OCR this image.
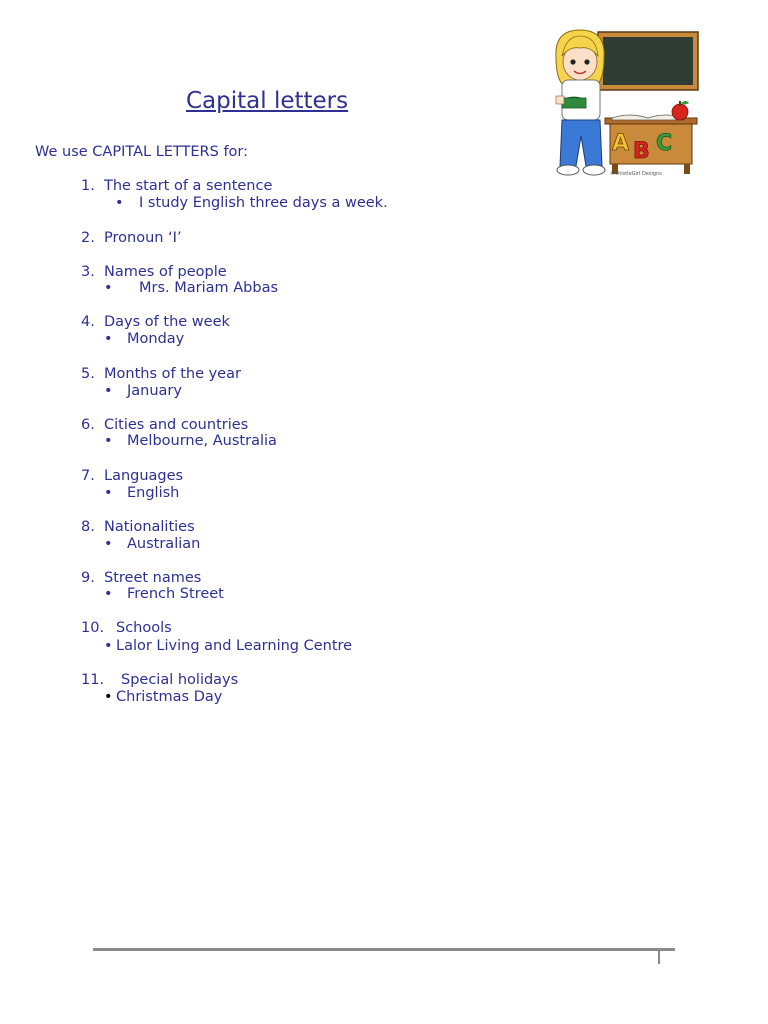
Capital letters
We use CAPITAL LETTERS for:	A B C
©ThistleGirl Designs
1. The start of a sentence
• I study English three days a week.
2. Pronoun ‘I’
3. Names of people
• Mrs. Mariam Abbas
4. Days of the week
• Monday
5. Months of the year
• January
6. Cities and countries
• Melbourne, Australia
7. Languages
• English
8. Nationalities
• Australian
9. Street names
• French Street
10. Schools
• Lalor Living and Learning Centre
11. Special holidays
• Christmas Day
